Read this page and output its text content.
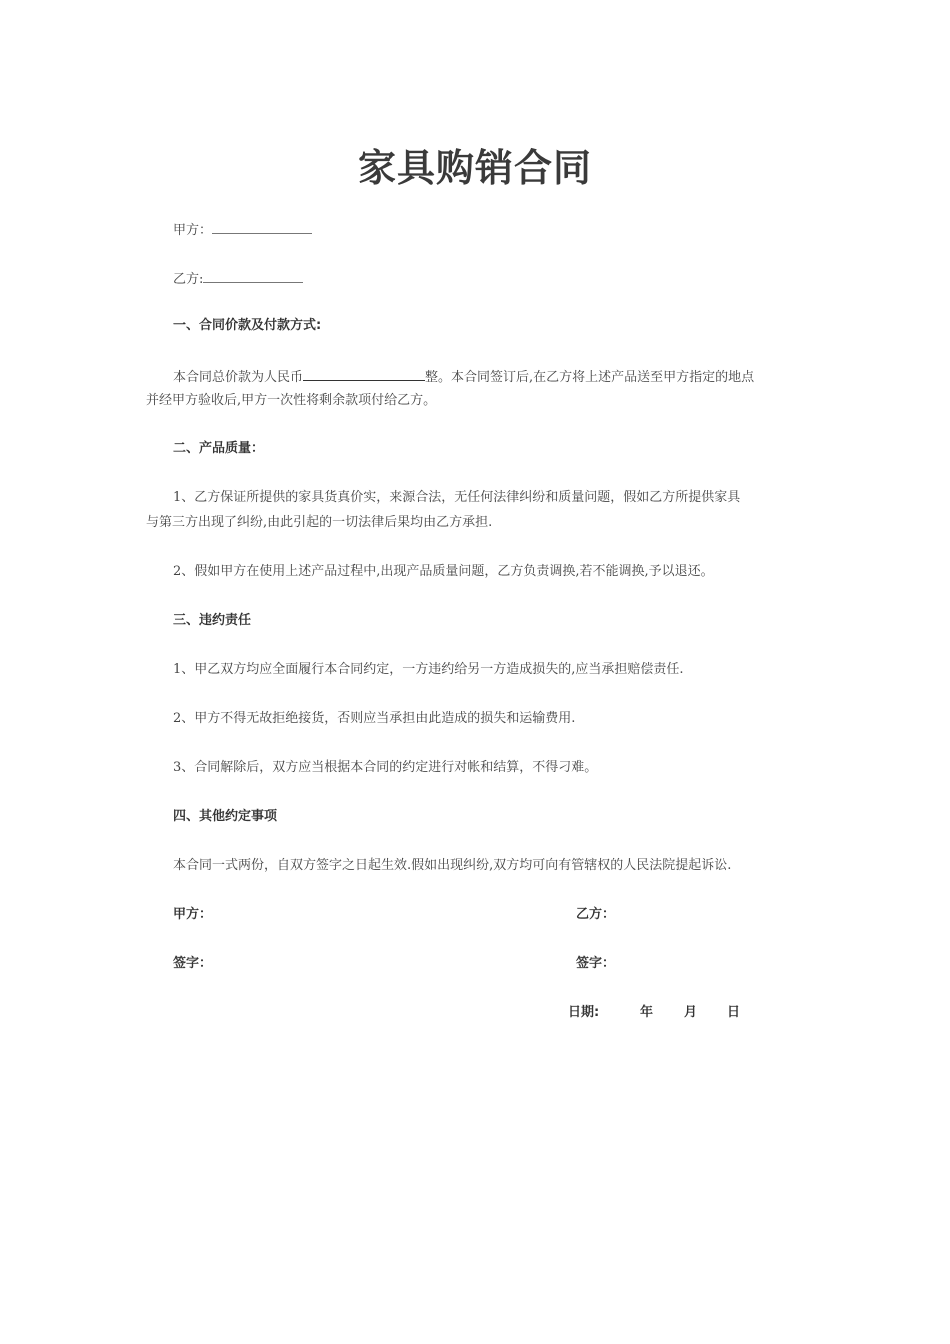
家具购销合同

甲方：

乙方:

一、合同价款及付款方式:

本合同总价款为人民币	整。本合同签订后,在乙方将上述产品送至甲方指定的地点

并经甲方验收后,甲方一次性将剩余款项付给乙方。

二、产品质量：

1、乙方保证所提供的家具货真价实，来源合法，无任何法律纠纷和质量问题，假如乙方所提供家具

与第三方出现了纠纷,由此引起的一切法律后果均由乙方承担.

2、假如甲方在使用上述产品过程中,出现产品质量问题，乙方负责调换,若不能调换,予以退还。

三、违约责任

1、甲乙双方均应全面履行本合同约定，一方违约给另一方造成损失的,应当承担赔偿责任.

2、甲方不得无故拒绝接货，否则应当承担由此造成的损失和运输费用.

3、合同解除后，双方应当根据本合同的约定进行对帐和结算，不得刁难。

四、其他约定事项

本合同一式两份，自双方签字之日起生效.假如出现纠纷,双方均可向有管辖权的人民法院提起诉讼.

甲方：	乙方：

签字：	签字：

日期:	年 月 日
